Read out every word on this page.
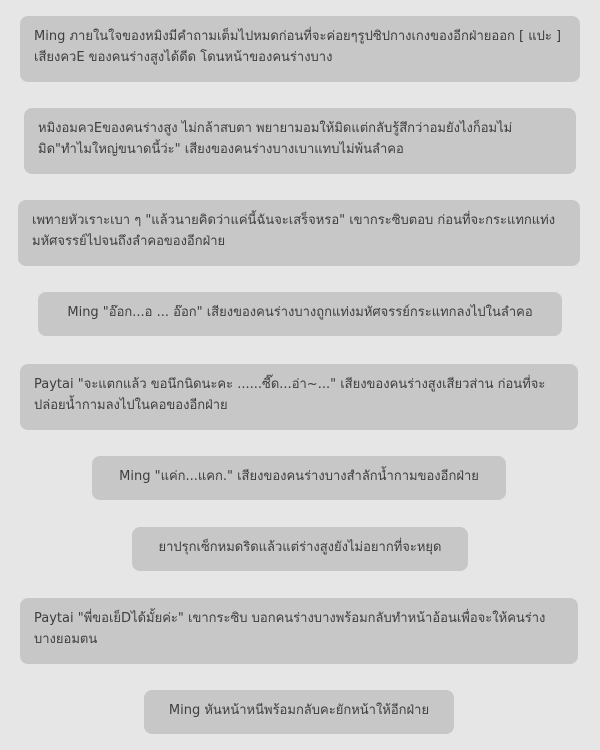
Ming ภายในใจของหมิงมีคำถามเต็มไปหมดก่อนที่จะค่อยๆรูปซิปกางเกงของอีกฝ่ายออก [ แปะ ] เสียงควE ของคนร่างสูงได้ดีด โดนหน้าของคนร่างบาง
หมิงอมควEของคนร่างสูง ไม่กล้าสบตา พยายามอมให้มิดแต่กลับรู้สึกว่าอมยังไงก็อมไม่มิด"ทำไมใหญ่ขนาดนี้ว่ะ" เสียงของคนร่างบางเบาแทบไม่พ้นลำคอ
เพทายหัวเราะเบา ๆ "แล้วนายคิดว่าแค่นี้ฉันจะเสร็จหรอ" เขากระซิบตอบ ก่อนที่จะกระแทกแท่งมหัศจรรย์ไปจนถึงลำคอของอีกฝ่าย
Ming "อ๊อก...อ ... อ๊อก" เสียงของคนร่างบางถูกแท่งมหัศจรรย์กระแทกลงไปในลำคอ
Paytai "จะแตกแล้ว ขอนึกนิดนะคะ ......ซี๊ด...อ่า~..." เสียงของคนร่างสูงเสียวส่าน ก่อนที่จะปล่อยน้ำกามลงไปในคอของอีกฝ่าย
Ming "แค่ก...แคก." เสียงของคนร่างบางสำลักน้ำกามของอีกฝ่าย
ยาปรุกเซ็กหมดริดแล้วแต่ร่างสูงยังไม่อยากที่จะหยุด
Paytai "พี่ขอเย็Dได้มั้ยค่ะ" เขากระซิบ บอกคนร่างบางพร้อมกลับทำหน้าอ้อนเพื่อจะให้คนร่างบางยอมตน
Ming หันหน้าหนีพร้อมกลับคะยักหน้าให้อีกฝ่าย
